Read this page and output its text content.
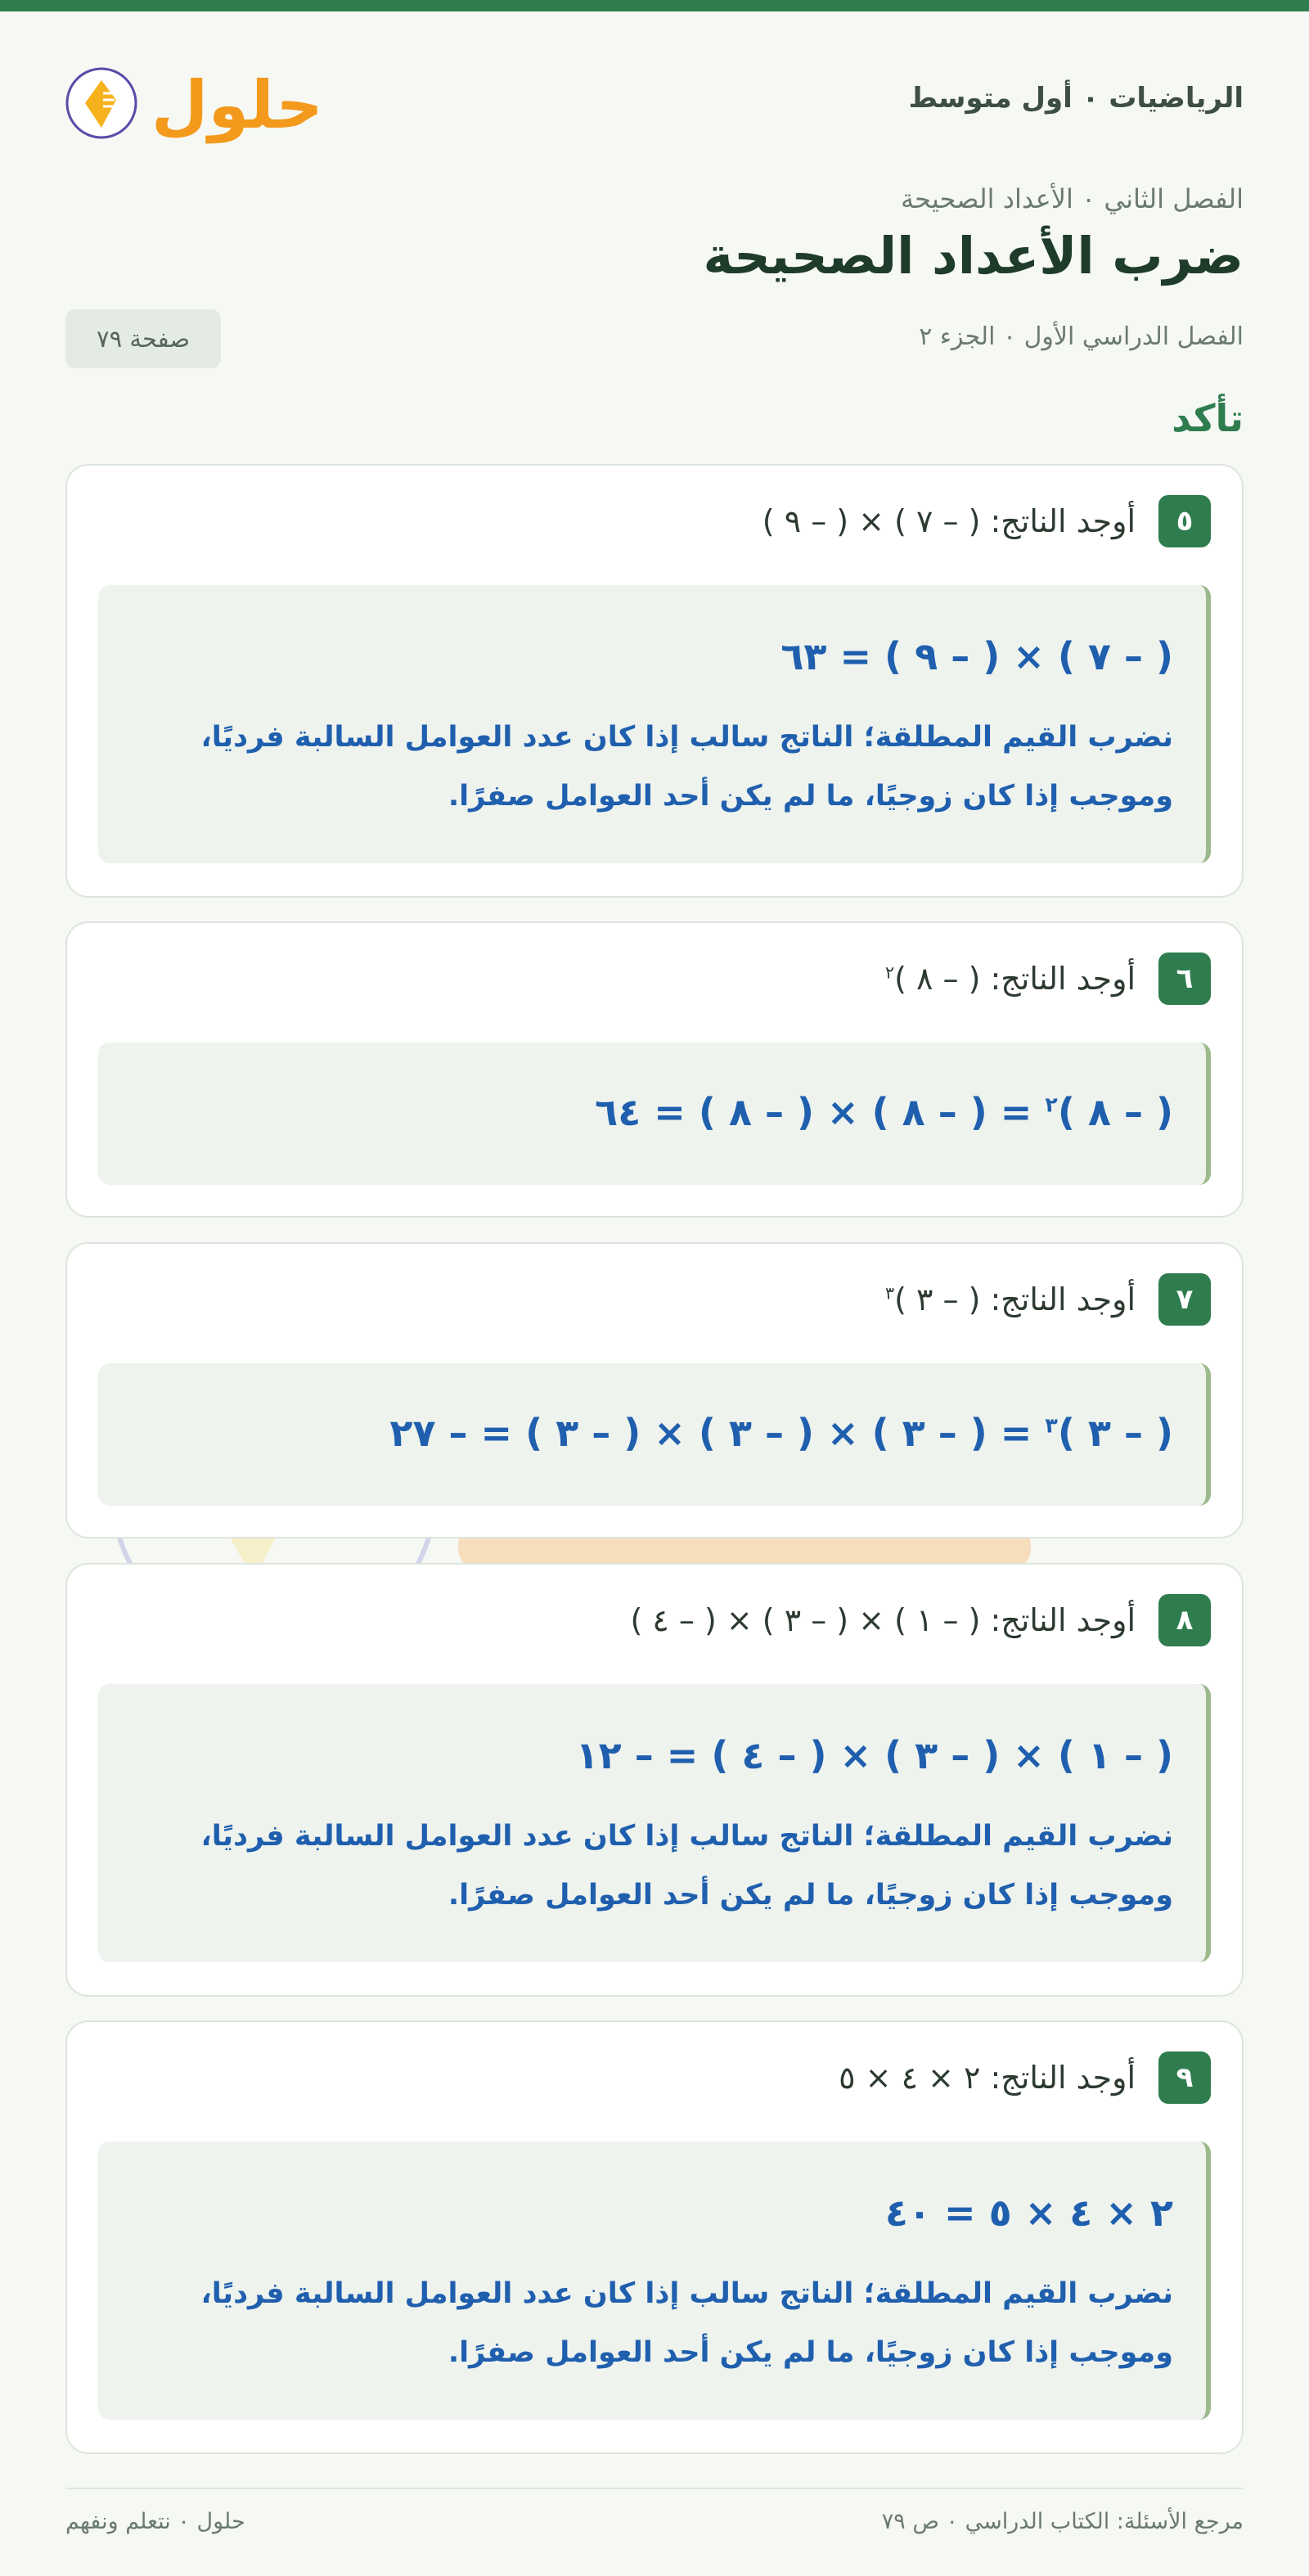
الرياضيات ٠ أول متوسط
حلول
الفصل الثاني ٠ الأعداد الصحيحة
ضرب الأعداد الصحيحة
الفصل الدراسي الأول ٠ الجزء ٢
صفحة ٧٩
تأكد
٥
أوجد الناتج: ( – ٧ ) × ( – ٩ )
( – ٧ ) × ( – ٩ ) = ٦٣
نضرب القيم المطلقة؛ الناتج سالب إذا كان عدد العوامل السالبة فرديًا،
وموجب إذا كان زوجيًا، ما لم يكن أحد العوامل صفرًا.
٦
أوجد الناتج: ( – ٨ )$^٢$
( – ٨ )$^٢$ = ( – ٨ ) × ( – ٨ ) = ٦٤
٧
أوجد الناتج: ( – ٣ )$^٣$
( – ٣ )$^٣$ = ( – ٣ ) × ( – ٣ ) × ( – ٣ ) = – ٢٧
٨
أوجد الناتج: ( – ١ ) × ( – ٣ ) × ( – ٤ )
( – ١ ) × ( – ٣ ) × ( – ٤ ) = – ١٢
نضرب القيم المطلقة؛ الناتج سالب إذا كان عدد العوامل السالبة فرديًا،
وموجب إذا كان زوجيًا، ما لم يكن أحد العوامل صفرًا.
٩
أوجد الناتج: ٢ × ٤ × ٥
٢ × ٤ × ٥ = ٤٠
نضرب القيم المطلقة؛ الناتج سالب إذا كان عدد العوامل السالبة فرديًا،
وموجب إذا كان زوجيًا، ما لم يكن أحد العوامل صفرًا.
مرجع الأسئلة: الكتاب الدراسي ٠ ص ٧٩
حلول ٠ نتعلم ونفهم
